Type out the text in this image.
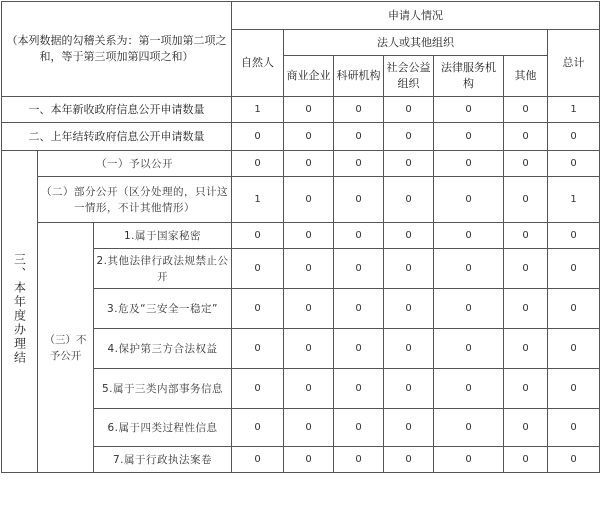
（本列数据的勾稽关系为：第一项加第二项之和，等于第三项加第四项之和）			申请人情况						
			自然人	法人或其他组织					总计
				商业企业	科研机构	社会公益组织	法律服务机构	其他	
一、本年新收政府信息公开申请数量			1	0	0	0	0	0	1
二、上年结转政府信息公开申请数量			0	0	0	0	0	0	0
三、本年度办理结	（一）予以公开		0	0	0	0	0	0	0
	（二）部分公开（区分处理的，只计这一情形，不计其他情形）		1	0	0	0	0	0	1
	（三）不予公开	1.属于国家秘密	0	0	0	0	0	0	0
		2.其他法律行政法规禁止公开	0	0	0	0	0	0	0
		3.危及“三安全一稳定”	0	0	0	0	0	0	0
		4.保护第三方合法权益	0	0	0	0	0	0	0
		5.属于三类内部事务信息	0	0	0	0	0	0	0
		6.属于四类过程性信息	0	0	0	0	0	0	0
		7.属于行政执法案卷	0	0	0	0	0	0	0
